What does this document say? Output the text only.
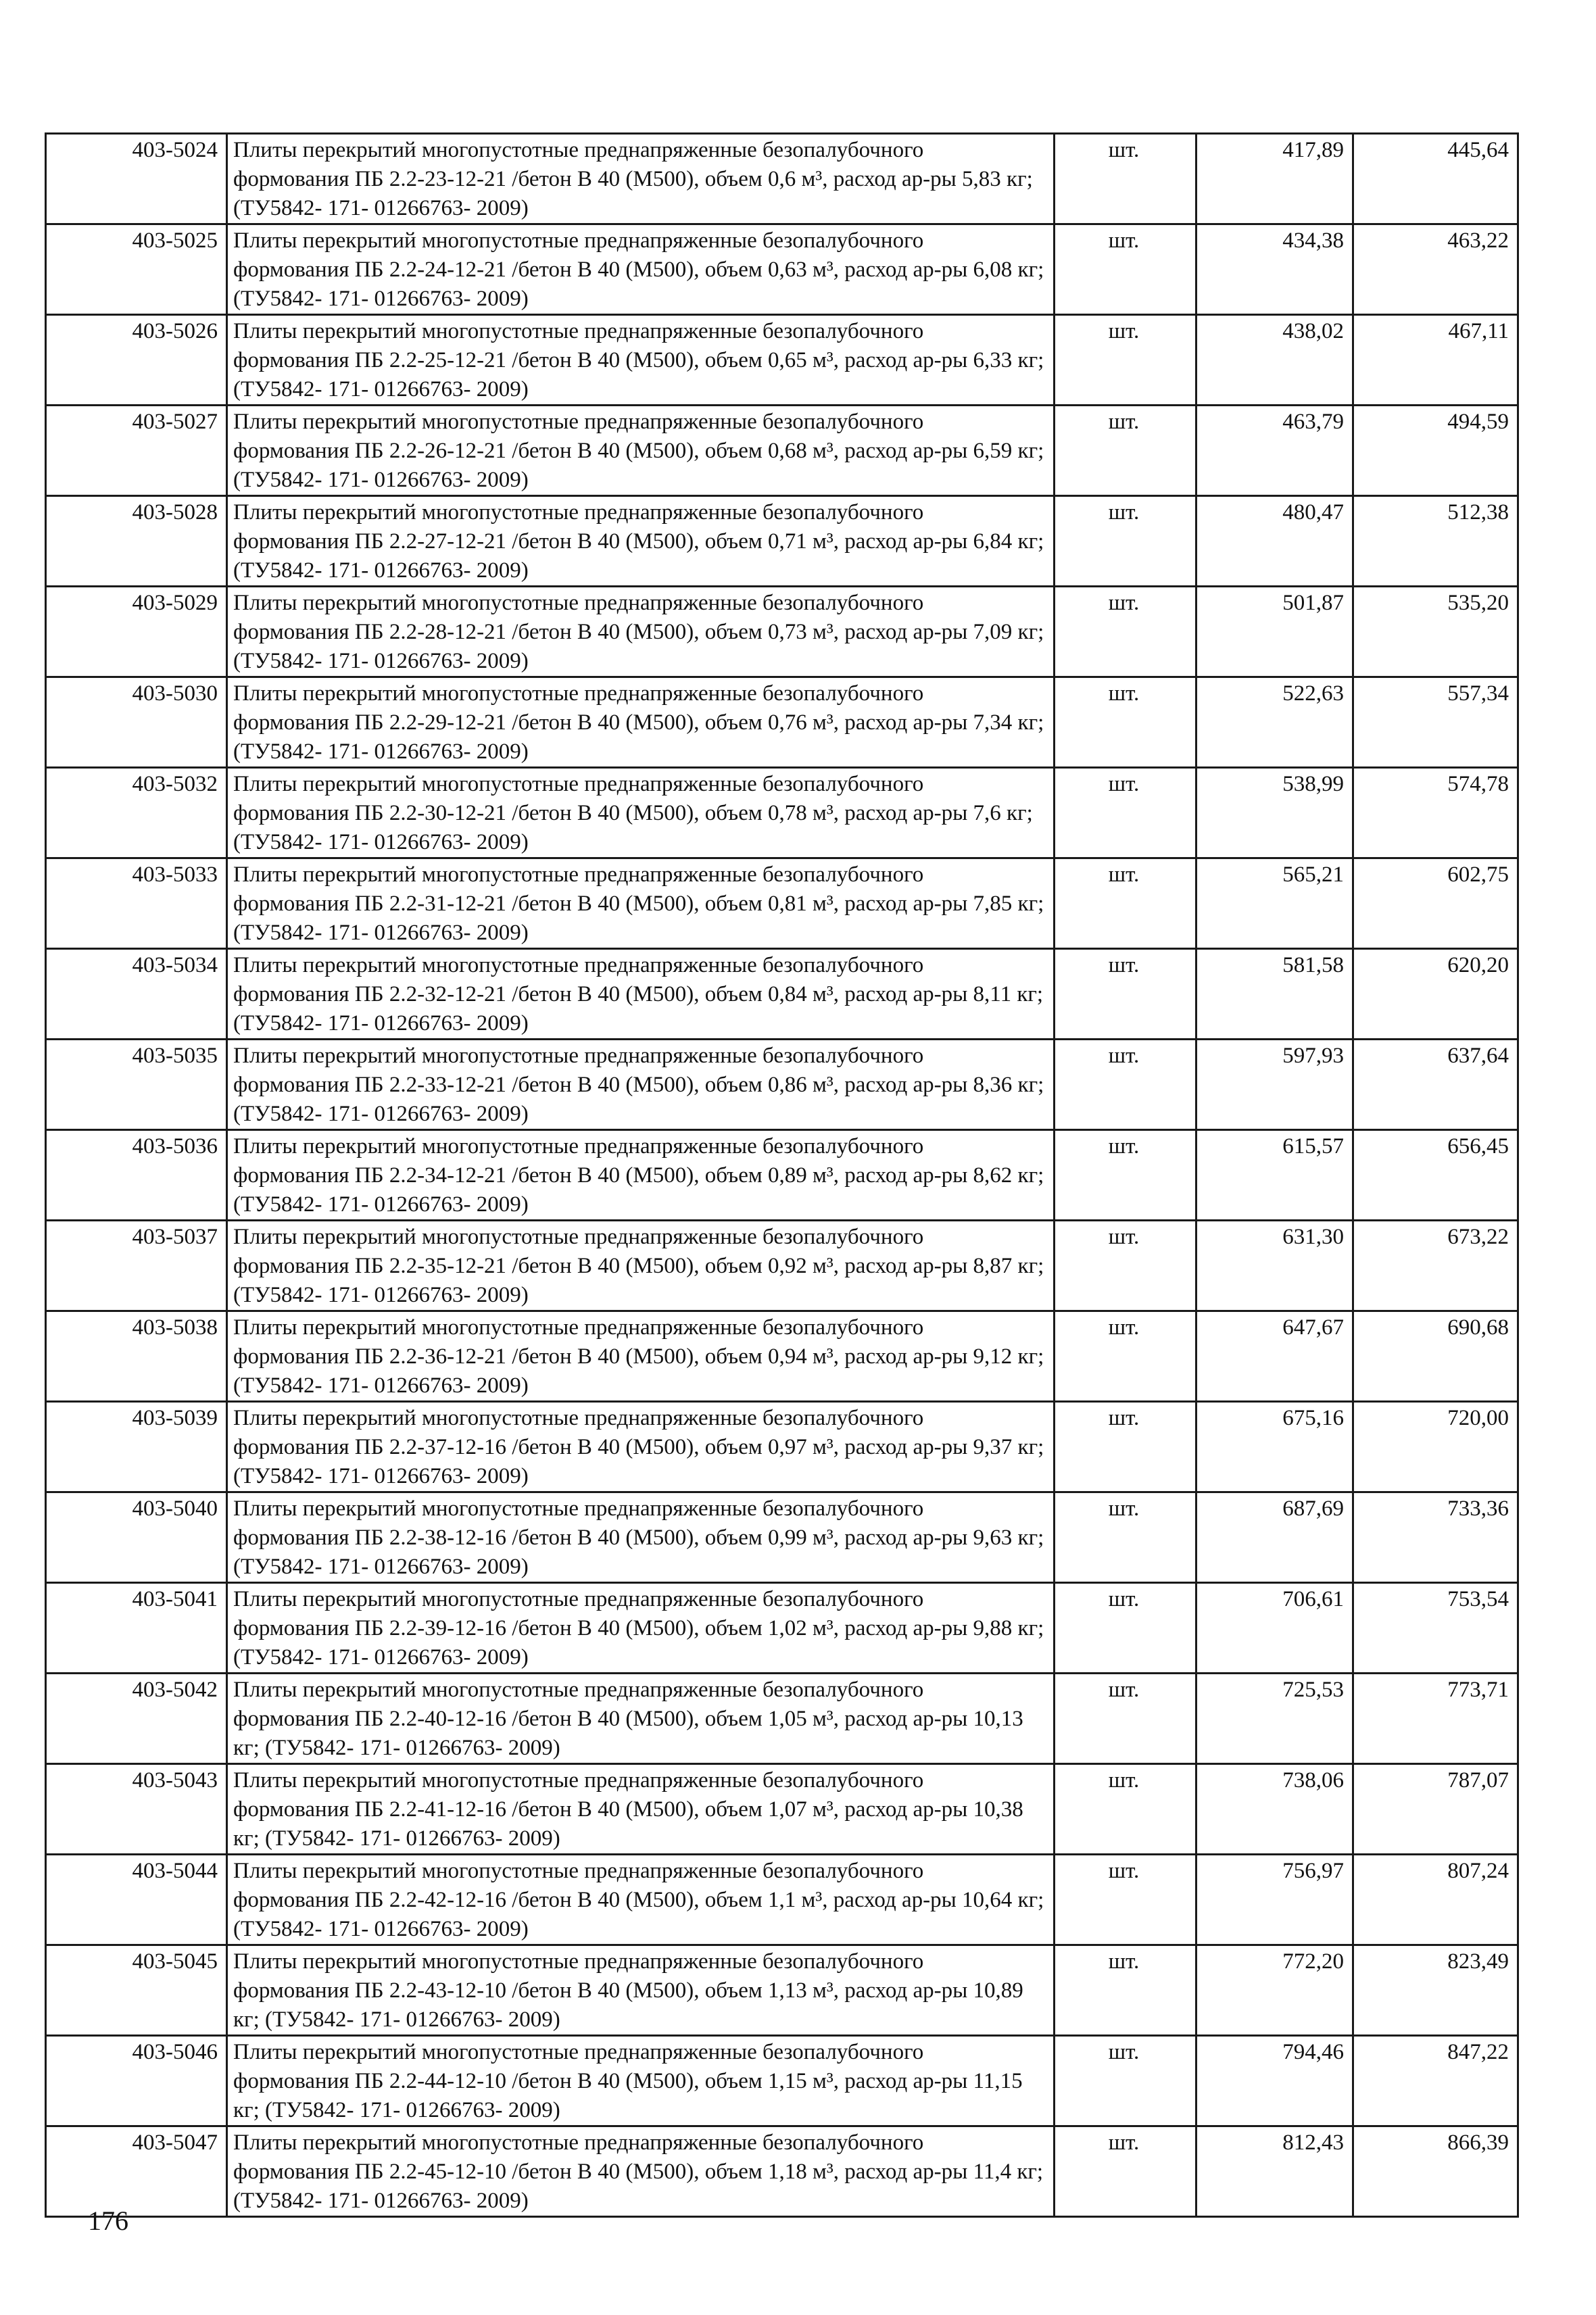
403-5024	Плиты перекрытий многопустотные преднапряженные безопалубочного формования ПБ 2.2-23-12-21 /бетон В 40 (М500), объем 0,6 м³, расход ар-ры 5,83 кг; (ТУ5842- 171- 01266763- 2009)	шт.	417,89	445,64
403-5025	Плиты перекрытий многопустотные преднапряженные безопалубочного формования ПБ 2.2-24-12-21 /бетон В 40 (М500), объем 0,63 м³, расход ар-ры 6,08 кг; (ТУ5842- 171- 01266763- 2009)	шт.	434,38	463,22
403-5026	Плиты перекрытий многопустотные преднапряженные безопалубочного формования ПБ 2.2-25-12-21 /бетон В 40 (М500), объем 0,65 м³, расход ар-ры 6,33 кг; (ТУ5842- 171- 01266763- 2009)	шт.	438,02	467,11
403-5027	Плиты перекрытий многопустотные преднапряженные безопалубочного формования ПБ 2.2-26-12-21 /бетон В 40 (М500), объем 0,68 м³, расход ар-ры 6,59 кг; (ТУ5842- 171- 01266763- 2009)	шт.	463,79	494,59
403-5028	Плиты перекрытий многопустотные преднапряженные безопалубочного формования ПБ 2.2-27-12-21 /бетон В 40 (М500), объем 0,71 м³, расход ар-ры 6,84 кг; (ТУ5842- 171- 01266763- 2009)	шт.	480,47	512,38
403-5029	Плиты перекрытий многопустотные преднапряженные безопалубочного формования ПБ 2.2-28-12-21 /бетон В 40 (М500), объем 0,73 м³, расход ар-ры 7,09 кг; (ТУ5842- 171- 01266763- 2009)	шт.	501,87	535,20
403-5030	Плиты перекрытий многопустотные преднапряженные безопалубочного формования ПБ 2.2-29-12-21 /бетон В 40 (М500), объем 0,76 м³, расход ар-ры 7,34 кг; (ТУ5842- 171- 01266763- 2009)	шт.	522,63	557,34
403-5032	Плиты перекрытий многопустотные преднапряженные безопалубочного формования ПБ 2.2-30-12-21 /бетон В 40 (М500), объем 0,78 м³, расход ар-ры 7,6 кг; (ТУ5842- 171- 01266763- 2009)	шт.	538,99	574,78
403-5033	Плиты перекрытий многопустотные преднапряженные безопалубочного формования ПБ 2.2-31-12-21 /бетон В 40 (М500), объем 0,81 м³, расход ар-ры 7,85 кг; (ТУ5842- 171- 01266763- 2009)	шт.	565,21	602,75
403-5034	Плиты перекрытий многопустотные преднапряженные безопалубочного формования ПБ 2.2-32-12-21 /бетон В 40 (М500), объем 0,84 м³, расход ар-ры 8,11 кг; (ТУ5842- 171- 01266763- 2009)	шт.	581,58	620,20
403-5035	Плиты перекрытий многопустотные преднапряженные безопалубочного формования ПБ 2.2-33-12-21 /бетон В 40 (М500), объем 0,86 м³, расход ар-ры 8,36 кг; (ТУ5842- 171- 01266763- 2009)	шт.	597,93	637,64
403-5036	Плиты перекрытий многопустотные преднапряженные безопалубочного формования ПБ 2.2-34-12-21 /бетон В 40 (М500), объем 0,89 м³, расход ар-ры 8,62 кг; (ТУ5842- 171- 01266763- 2009)	шт.	615,57	656,45
403-5037	Плиты перекрытий многопустотные преднапряженные безопалубочного формования ПБ 2.2-35-12-21 /бетон В 40 (М500), объем 0,92 м³, расход ар-ры 8,87 кг; (ТУ5842- 171- 01266763- 2009)	шт.	631,30	673,22
403-5038	Плиты перекрытий многопустотные преднапряженные безопалубочного формования ПБ 2.2-36-12-21 /бетон В 40 (М500), объем 0,94 м³, расход ар-ры 9,12 кг; (ТУ5842- 171- 01266763- 2009)	шт.	647,67	690,68
403-5039	Плиты перекрытий многопустотные преднапряженные безопалубочного формования ПБ 2.2-37-12-16 /бетон В 40 (М500), объем 0,97 м³, расход ар-ры 9,37 кг; (ТУ5842- 171- 01266763- 2009)	шт.	675,16	720,00
403-5040	Плиты перекрытий многопустотные преднапряженные безопалубочного формования ПБ 2.2-38-12-16 /бетон В 40 (М500), объем 0,99 м³, расход ар-ры 9,63 кг; (ТУ5842- 171- 01266763- 2009)	шт.	687,69	733,36
403-5041	Плиты перекрытий многопустотные преднапряженные безопалубочного формования ПБ 2.2-39-12-16 /бетон В 40 (М500), объем 1,02 м³, расход ар-ры 9,88 кг; (ТУ5842- 171- 01266763- 2009)	шт.	706,61	753,54
403-5042	Плиты перекрытий многопустотные преднапряженные безопалубочного формования ПБ 2.2-40-12-16 /бетон В 40 (М500), объем 1,05 м³, расход ар-ры 10,13 кг; (ТУ5842- 171- 01266763- 2009)	шт.	725,53	773,71
403-5043	Плиты перекрытий многопустотные преднапряженные безопалубочного формования ПБ 2.2-41-12-16 /бетон В 40 (М500), объем 1,07 м³, расход ар-ры 10,38 кг; (ТУ5842- 171- 01266763- 2009)	шт.	738,06	787,07
403-5044	Плиты перекрытий многопустотные преднапряженные безопалубочного формования ПБ 2.2-42-12-16 /бетон В 40 (М500), объем 1,1 м³, расход ар-ры 10,64 кг; (ТУ5842- 171- 01266763- 2009)	шт.	756,97	807,24
403-5045	Плиты перекрытий многопустотные преднапряженные безопалубочного формования ПБ 2.2-43-12-10 /бетон В 40 (М500), объем 1,13 м³, расход ар-ры 10,89 кг; (ТУ5842- 171- 01266763- 2009)	шт.	772,20	823,49
403-5046	Плиты перекрытий многопустотные преднапряженные безопалубочного формования ПБ 2.2-44-12-10 /бетон В 40 (М500), объем 1,15 м³, расход ар-ры 11,15 кг; (ТУ5842- 171- 01266763- 2009)	шт.	794,46	847,22
403-5047	Плиты перекрытий многопустотные преднапряженные безопалубочного формования ПБ 2.2-45-12-10 /бетон В 40 (М500), объем 1,18 м³, расход ар-ры 11,4 кг; (ТУ5842- 171- 01266763- 2009)	шт.	812,43	866,39
176
